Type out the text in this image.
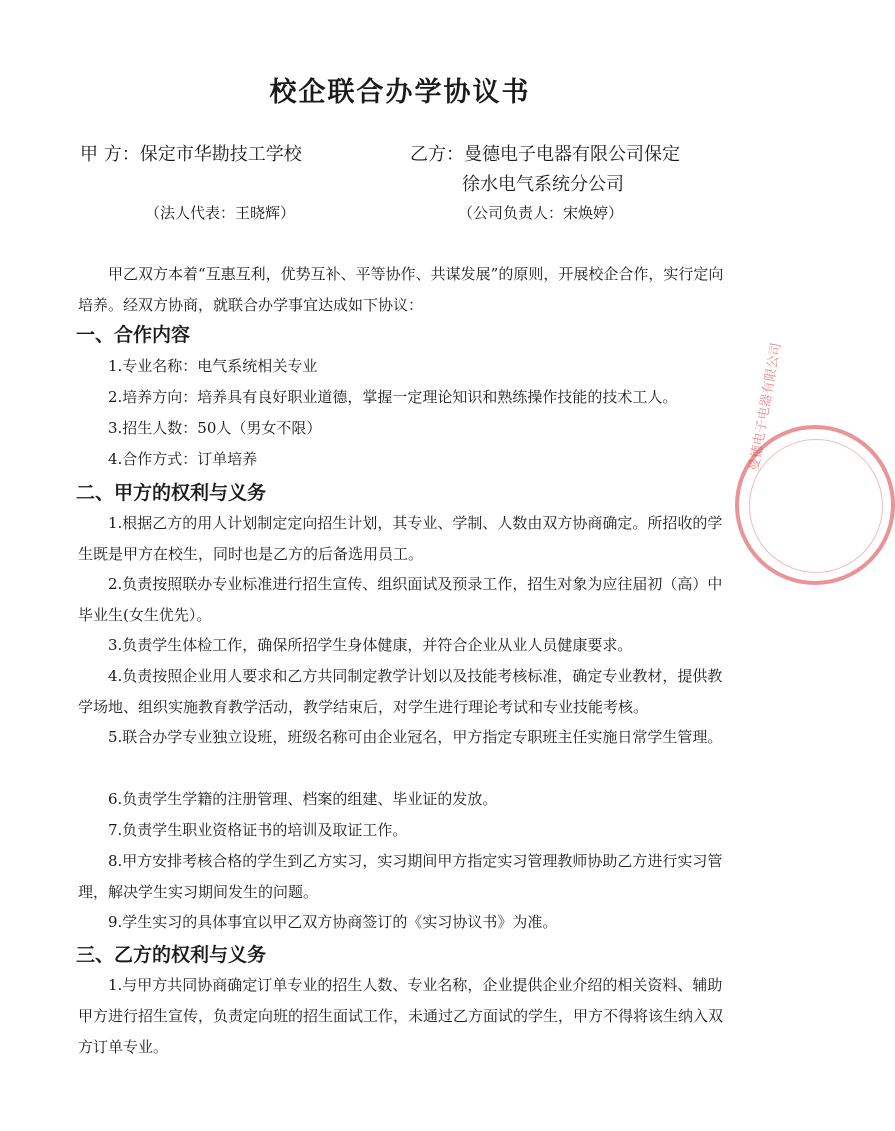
校企联合办学协议书
甲 方：保定市华勘技工学校
（法人代表：王晓辉）
乙方：曼德电子电器有限公司保定
徐水电气系统分公司
（公司负责人：宋焕婷）

甲乙双方本着“互惠互利，优势互补、平等协作、共谋发展”的原则，开展校企合作，实行定向培养。经双方协商，就联合办学事宜达成如下协议：

一、合作内容

1.专业名称：电气系统相关专业

2.培养方向：培养具有良好职业道德，掌握一定理论知识和熟练操作技能的技术工人。

3.招生人数：50人（男女不限）

4.合作方式：订单培养

二、甲方的权利与义务

1.根据乙方的用人计划制定定向招生计划，其专业、学制、人数由双方协商确定。所招收的学生既是甲方在校生，同时也是乙方的后备选用员工。

2.负责按照联办专业标准进行招生宣传、组织面试及预录工作，招生对象为应往届初（高）中毕业生(女生优先）。

3.负责学生体检工作，确保所招学生身体健康，并符合企业从业人员健康要求。

4.负责按照企业用人要求和乙方共同制定教学计划以及技能考核标准，确定专业教材，提供教学场地、组织实施教育教学活动，教学结束后，对学生进行理论考试和专业技能考核。

5.联合办学专业独立设班，班级名称可由企业冠名，甲方指定专职班主任实施日常学生管理。

6.负责学生学籍的注册管理、档案的组建、毕业证的发放。

7.负责学生职业资格证书的培训及取证工作。

8.甲方安排考核合格的学生到乙方实习，实习期间甲方指定实习管理教师协助乙方进行实习管理，解决学生实习期间发生的问题。

9.学生实习的具体事宜以甲乙双方协商签订的《实习协议书》为准。

三、乙方的权利与义务

1.与甲方共同协商确定订单专业的招生人数、专业名称，企业提供企业介绍的相关资料、辅助甲方进行招生宣传，负责定向班的招生面试工作，未通过乙方面试的学生，甲方不得将该生纳入双方订单专业。

曼德电子电器有限公司
